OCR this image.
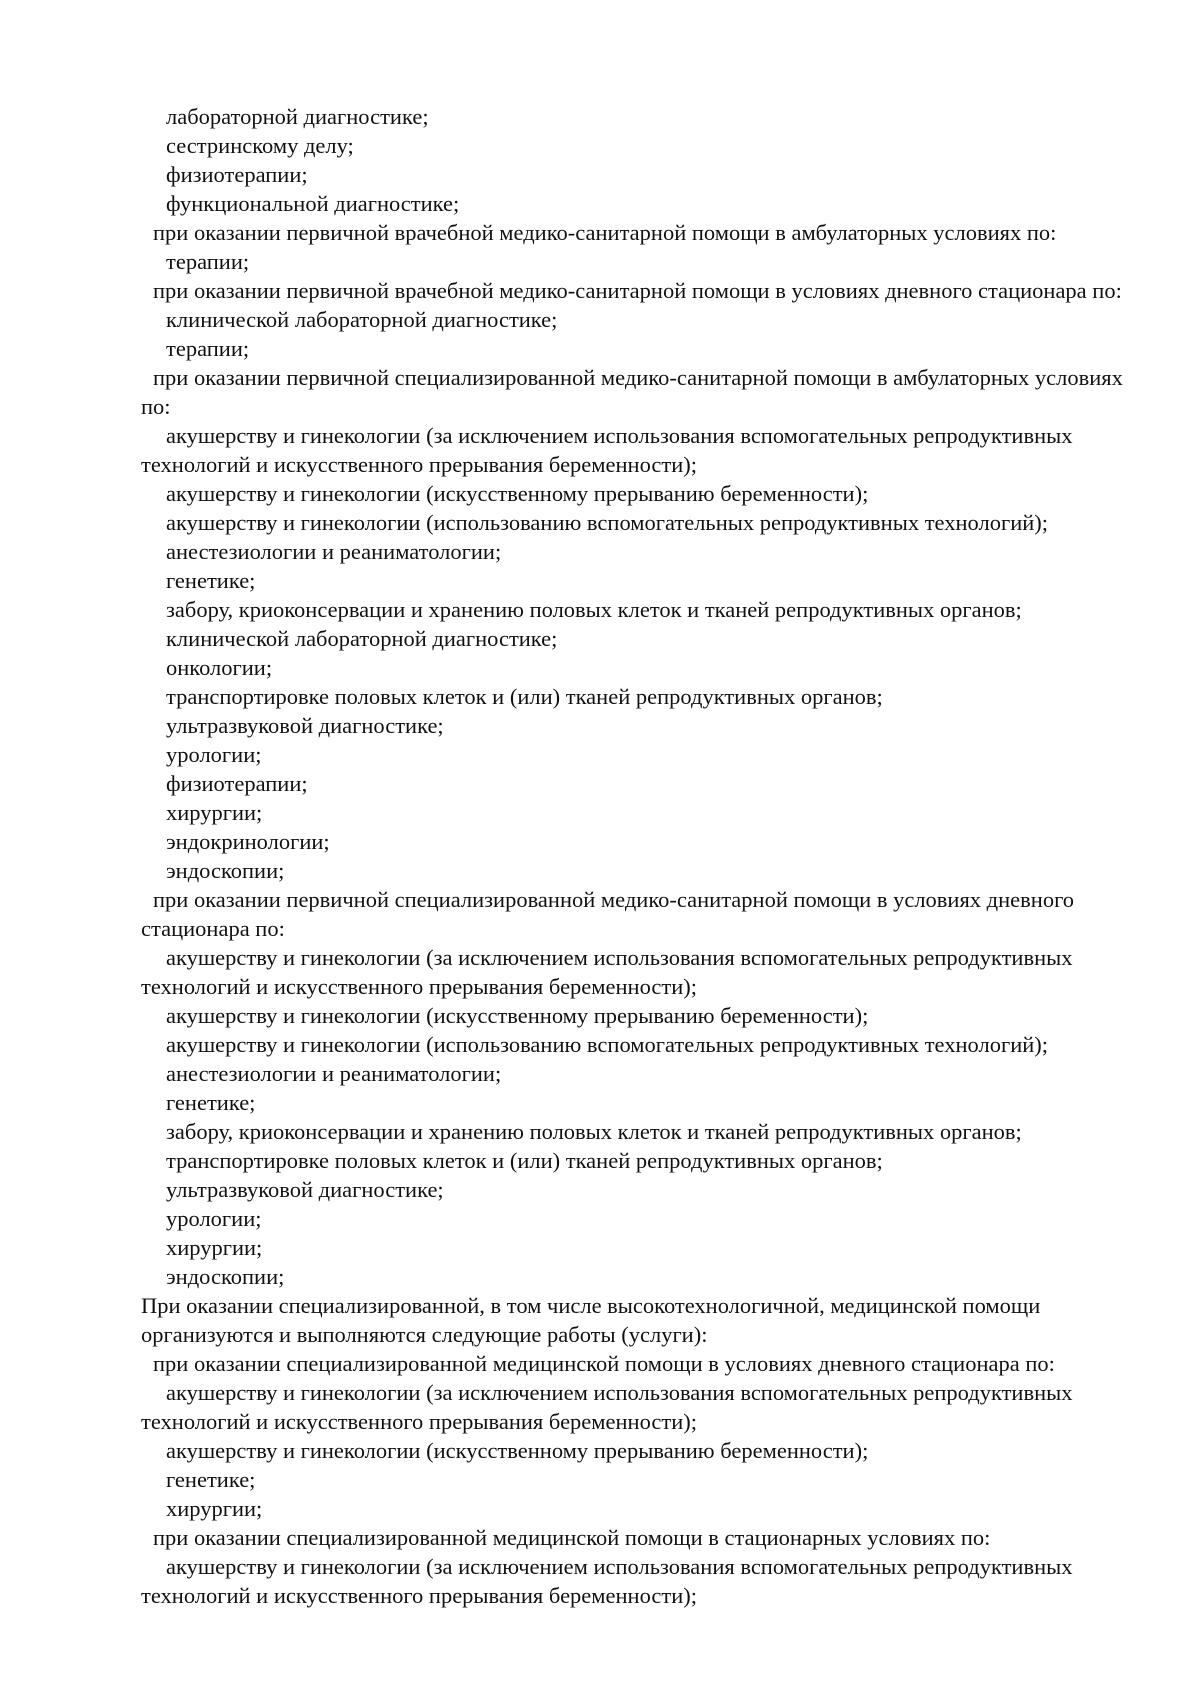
лабораторной диагностике;

сестринскому делу;

физиотерапии;

функциональной диагностике;

при оказании первичной врачебной медико-санитарной помощи в амбулаторных условиях по:

терапии;

при оказании первичной врачебной медико-санитарной помощи в условиях дневного стационара по:

клинической лабораторной диагностике;

терапии;

при оказании первичной специализированной медико-санитарной помощи в амбулаторных условиях по:

акушерству и гинекологии (за исключением использования вспомогательных репродуктивных технологий и искусственного прерывания беременности);

акушерству и гинекологии (искусственному прерыванию беременности);

акушерству и гинекологии (использованию вспомогательных репродуктивных технологий);

анестезиологии и реаниматологии;

генетике;

забору, криоконсервации и хранению половых клеток и тканей репродуктивных органов;

клинической лабораторной диагностике;

онкологии;

транспортировке половых клеток и (или) тканей репродуктивных органов;

ультразвуковой диагностике;

урологии;

физиотерапии;

хирургии;

эндокринологии;

эндоскопии;

при оказании первичной специализированной медико-санитарной помощи в условиях дневного стационара по:

акушерству и гинекологии (за исключением использования вспомогательных репродуктивных технологий и искусственного прерывания беременности);

акушерству и гинекологии (искусственному прерыванию беременности);

акушерству и гинекологии (использованию вспомогательных репродуктивных технологий);

анестезиологии и реаниматологии;

генетике;

забору, криоконсервации и хранению половых клеток и тканей репродуктивных органов;

транспортировке половых клеток и (или) тканей репродуктивных органов;

ультразвуковой диагностике;

урологии;

хирургии;

эндоскопии;

При оказании специализированной, в том числе высокотехнологичной, медицинской помощи организуются и выполняются следующие работы (услуги):

при оказании специализированной медицинской помощи в условиях дневного стационара по:

акушерству и гинекологии (за исключением использования вспомогательных репродуктивных технологий и искусственного прерывания беременности);

акушерству и гинекологии (искусственному прерыванию беременности);

генетике;

хирургии;

при оказании специализированной медицинской помощи в стационарных условиях по:

акушерству и гинекологии (за исключением использования вспомогательных репродуктивных технологий и искусственного прерывания беременности);
